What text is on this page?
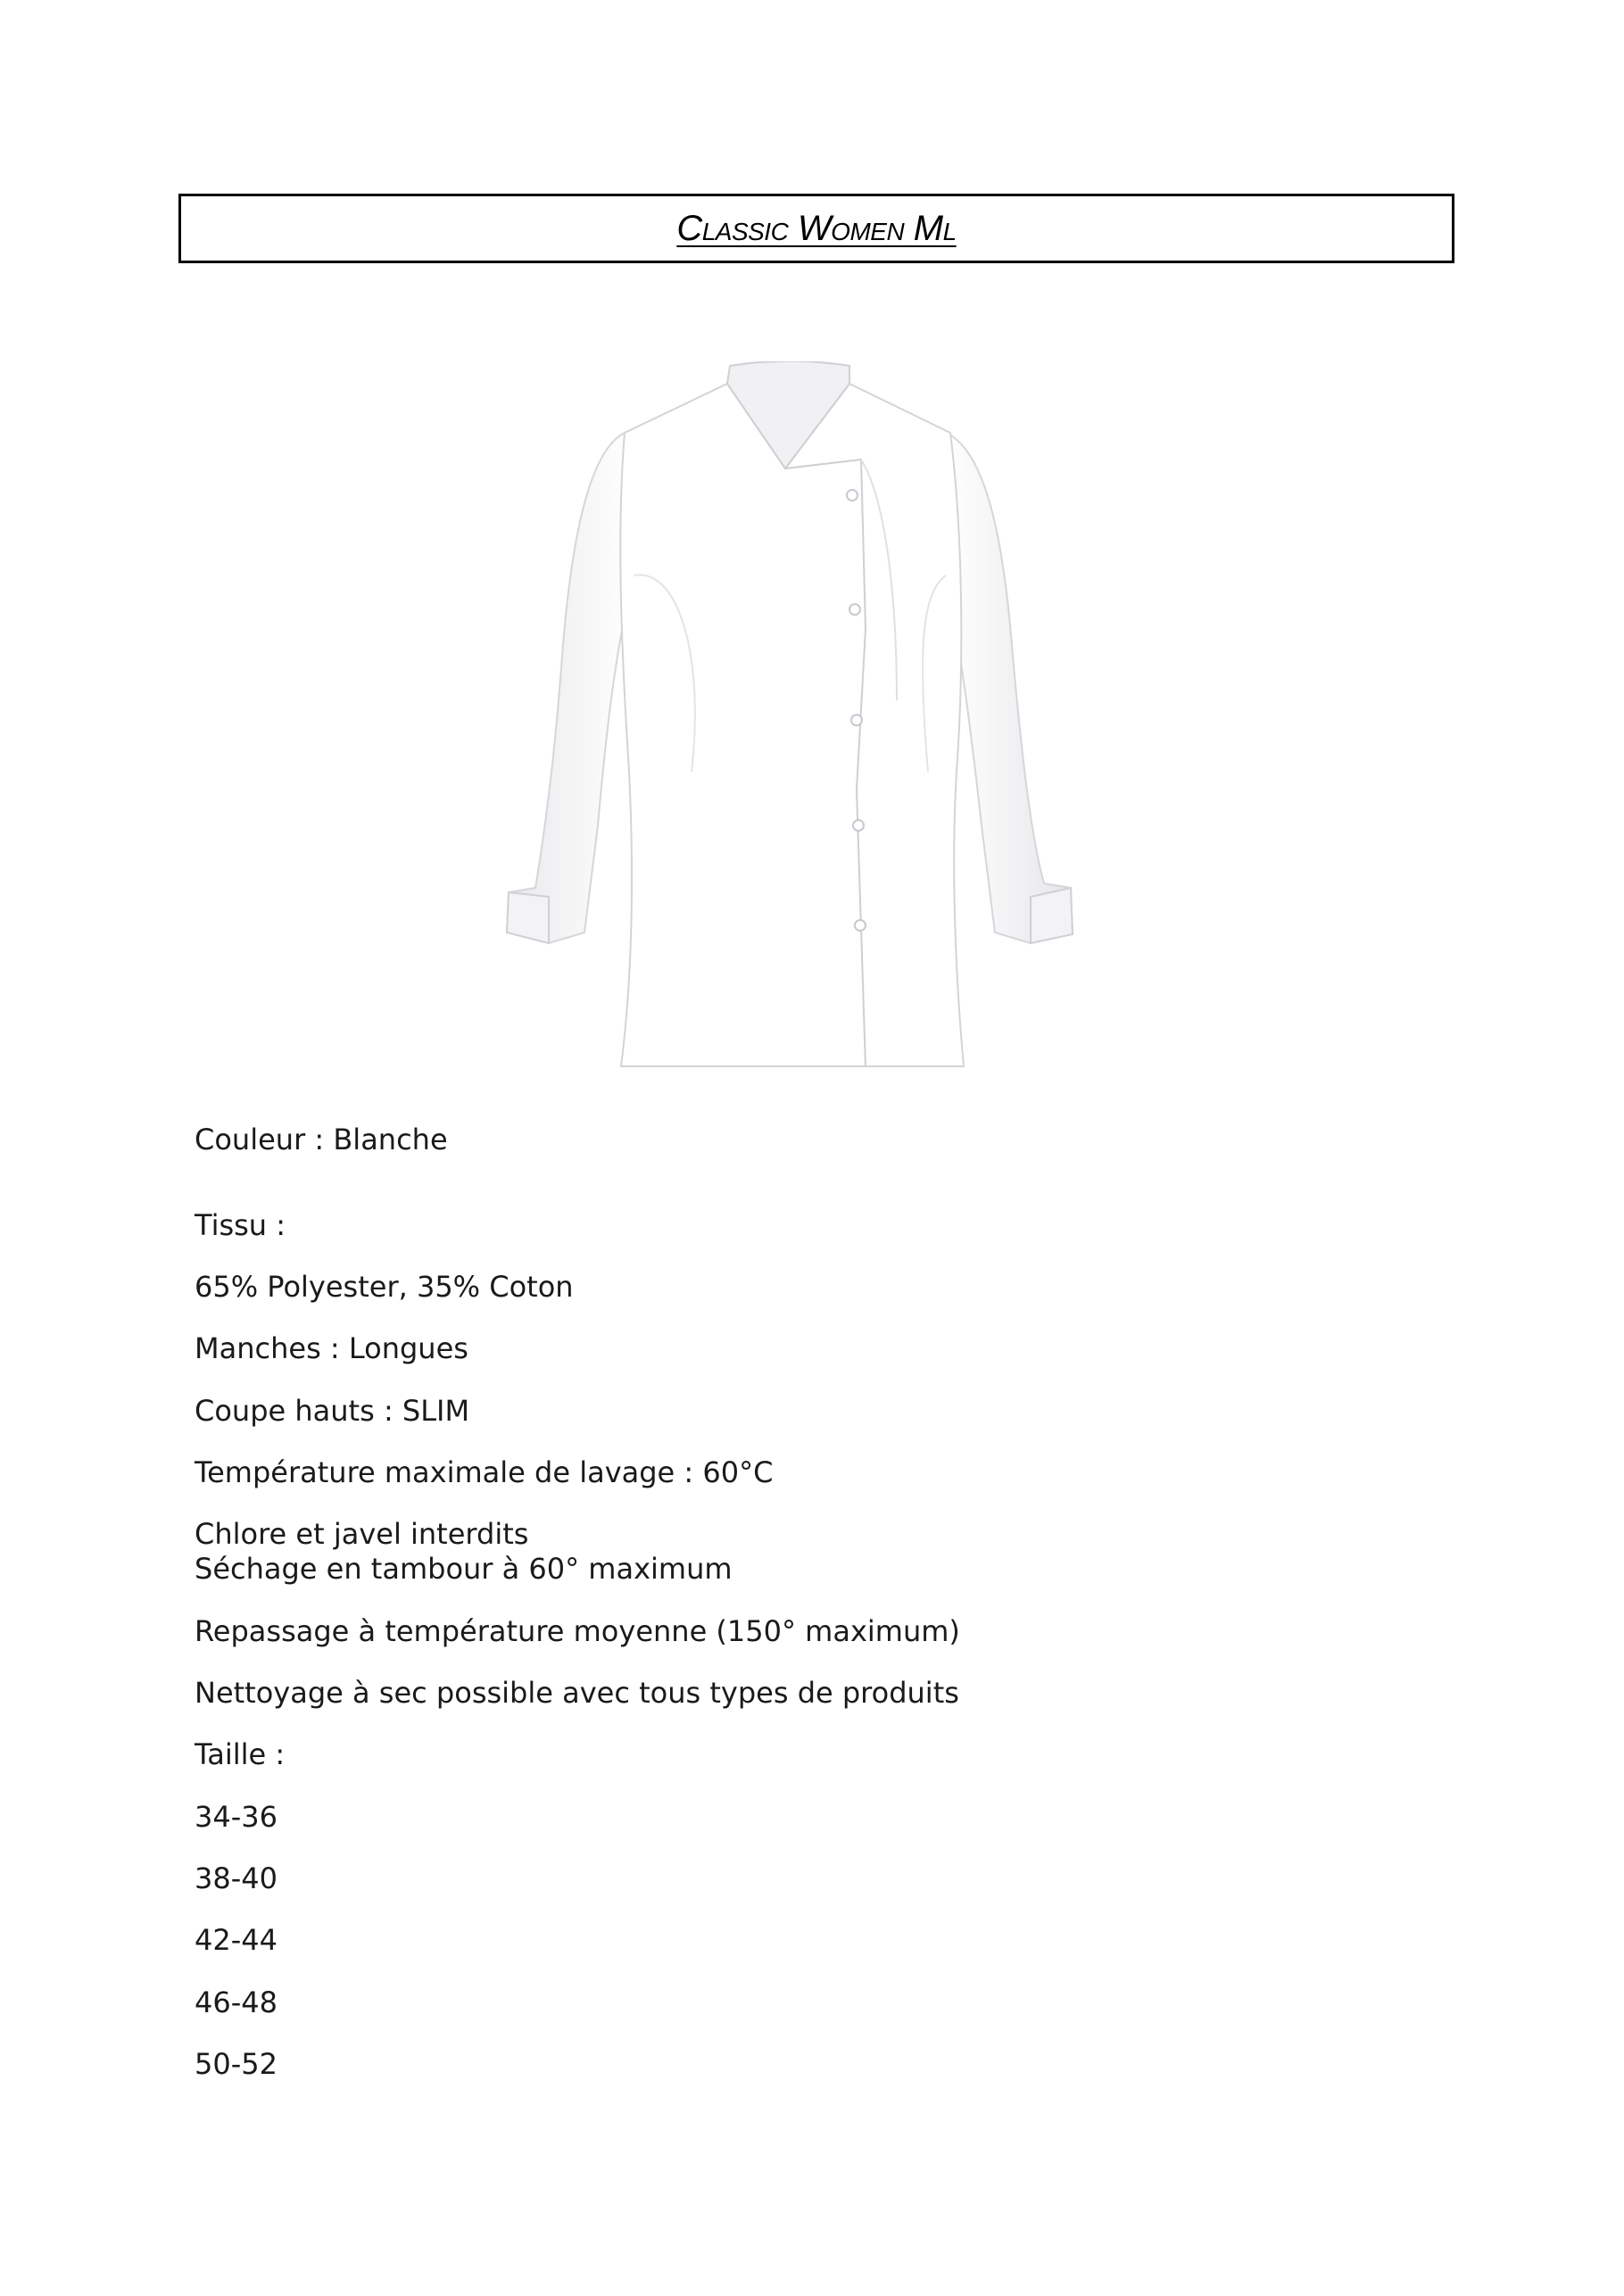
Classic Women Ml
Couleur : Blanche
Tissu :
65% Polyester, 35% Coton
Manches : Longues
Coupe hauts : SLIM
Température maximale de lavage : 60°C
Chlore et javel interdits
Séchage en tambour à 60° maximum
Repassage à température moyenne (150° maximum)
Nettoyage à sec possible avec tous types de produits
Taille :
34-36
38-40
42-44
46-48
50-52
